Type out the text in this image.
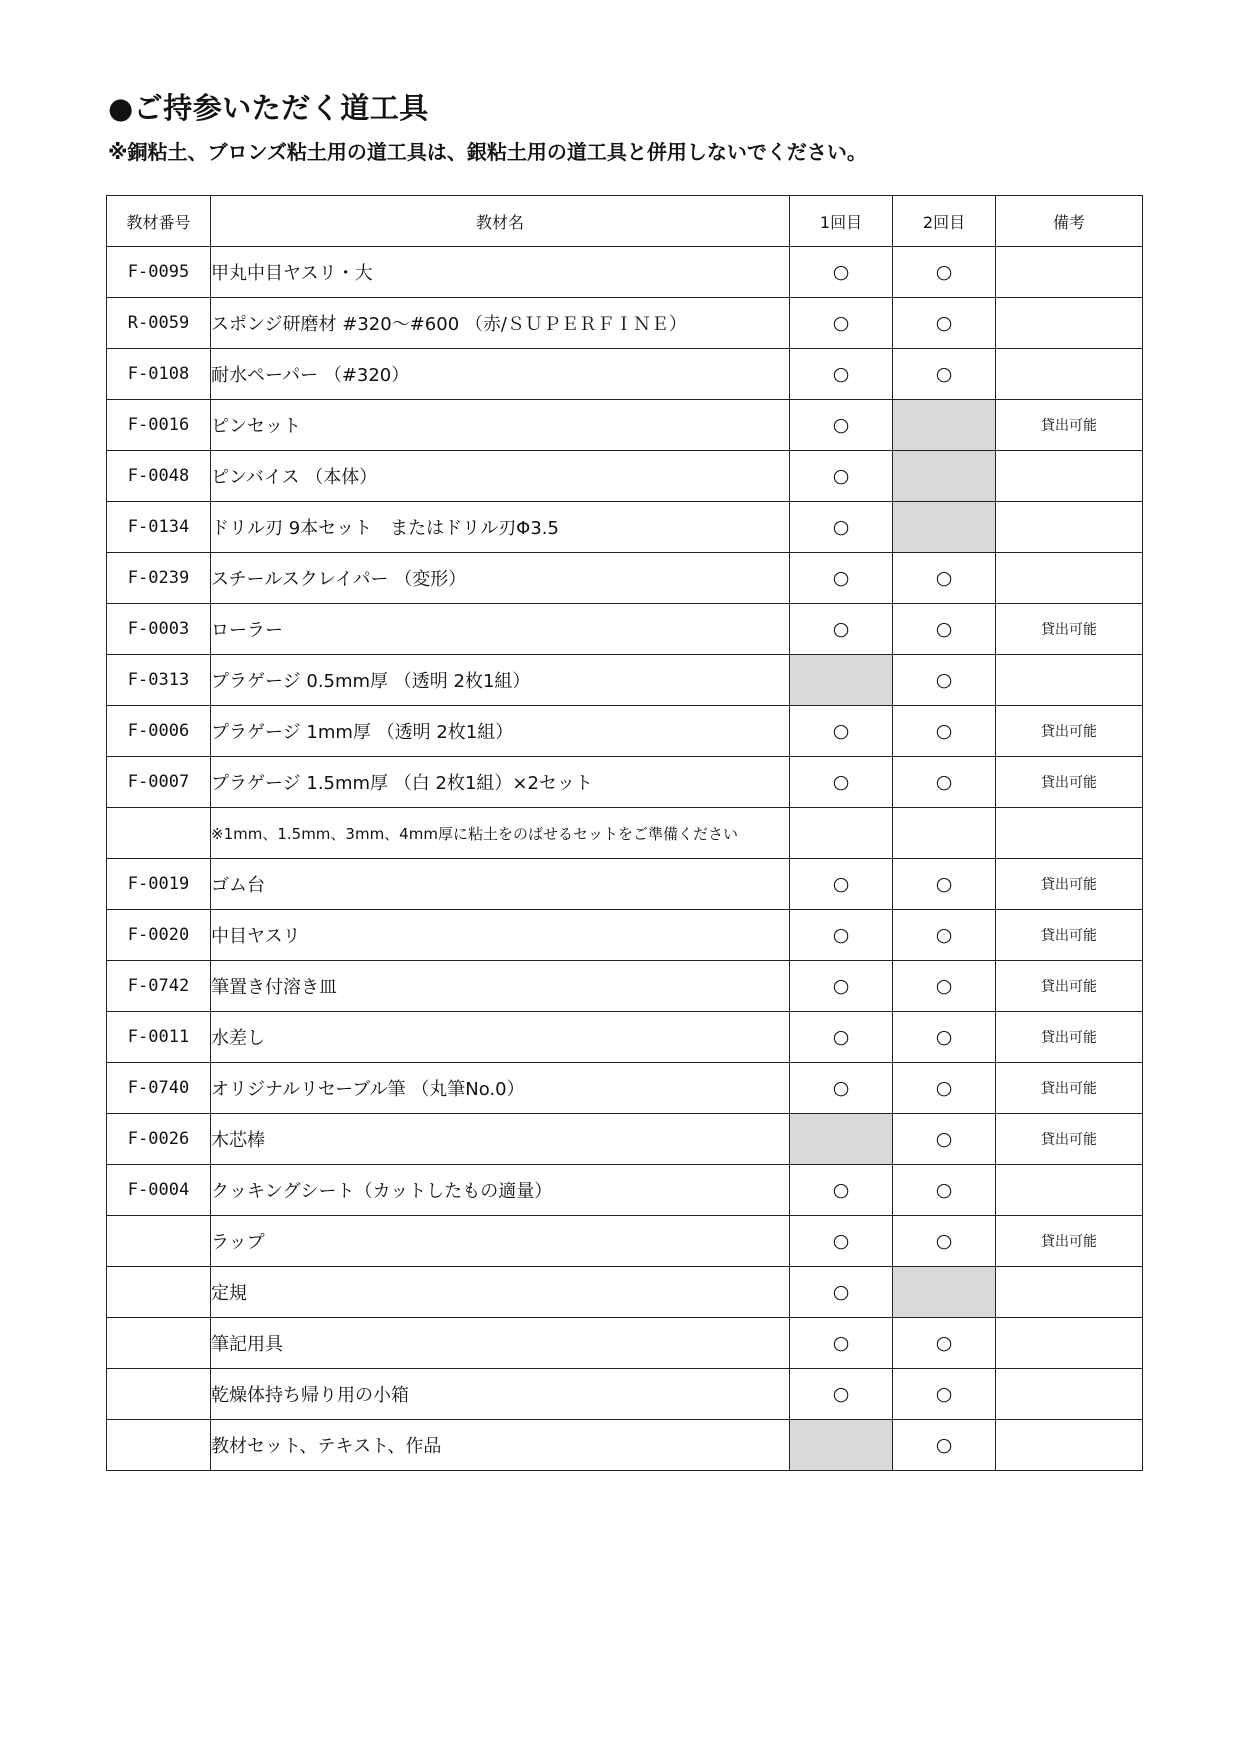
●ご持参いただく道工具
※銅粘土、ブロンズ粘土用の道工具は、銀粘土用の道工具と併用しないでください。
教材番号	教材名	1回目	2回目	備考
F-0095	甲丸中目ヤスリ・大	○	○	
R-0059	スポンジ研磨材 #320～#600 （赤/ＳＵＰＥＲＦＩＮＥ）	○	○	
F-0108	耐水ペーパー （#320）	○	○	
F-0016	ピンセット	○		貸出可能
F-0048	ピンバイス （本体）	○		
F-0134	ドリル刃 9本セット　またはドリル刃Φ3.5	○		
F-0239	スチールスクレイパー （変形）	○	○	
F-0003	ローラー	○	○	貸出可能
F-0313	プラゲージ 0.5mm厚 （透明 2枚1組）		○	
F-0006	プラゲージ 1mm厚 （透明 2枚1組）	○	○	貸出可能
F-0007	プラゲージ 1.5mm厚 （白 2枚1組）×2セット	○	○	貸出可能
	※1mm、1.5mm、3mm、4mm厚に粘土をのばせるセットをご準備ください			
F-0019	ゴム台	○	○	貸出可能
F-0020	中目ヤスリ	○	○	貸出可能
F-0742	筆置き付溶き皿	○	○	貸出可能
F-0011	水差し	○	○	貸出可能
F-0740	オリジナルリセーブル筆 （丸筆No.0）	○	○	貸出可能
F-0026	木芯棒		○	貸出可能
F-0004	クッキングシート（カットしたもの適量）	○	○	
	ラップ	○	○	貸出可能
	定規	○		
	筆記用具	○	○	
	乾燥体持ち帰り用の小箱	○	○	
	教材セット、テキスト、作品		○	
